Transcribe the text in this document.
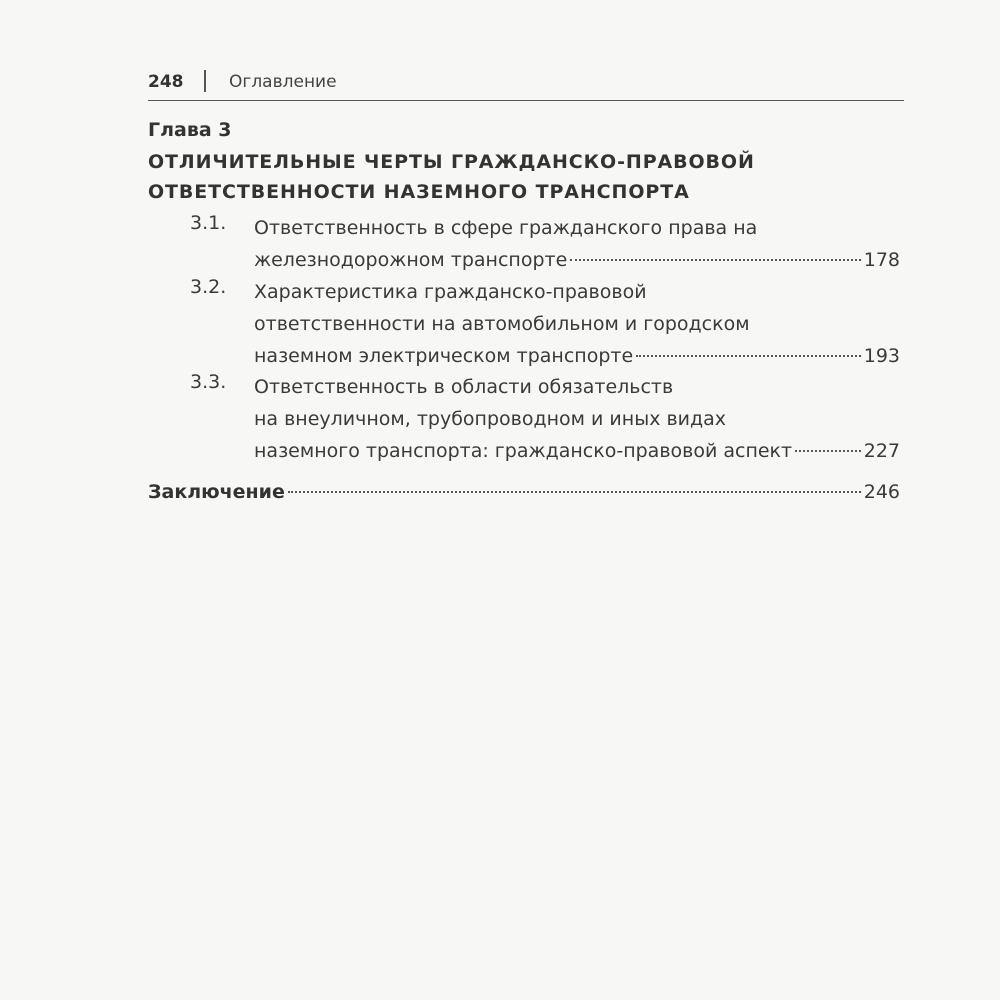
248	Оглавление
Глава 3
ОТЛИЧИТЕЛЬНЫЕ ЧЕРТЫ ГРАЖДАНСКО-ПРАВОВОЙ
ОТВЕТСТВЕННОСТИ НАЗЕМНОГО ТРАНСПОРТА
3.1. Ответственность в сфере гражданского права на
железнодорожном транспорте	178
3.2. Характеристика гражданско-правовой
ответственности на автомобильном и городском
наземном электрическом транспорте	193
3.3. Ответственность в области обязательств
на внеуличном, трубопроводном и иных видах
наземного транспорта: гражданско-правовой аспект	227
Заключение	246
